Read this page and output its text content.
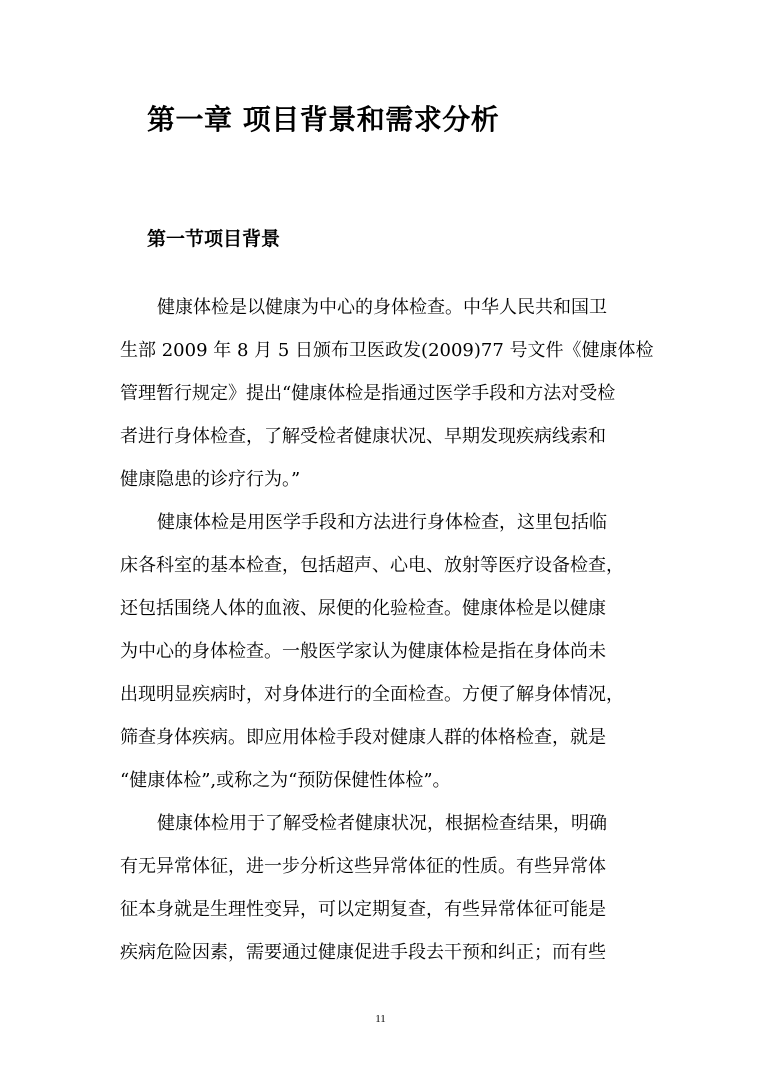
第一章 项目背景和需求分析
第一节项目背景
健康体检是以健康为中心的身体检查。中华人民共和国卫
生部 2009 年 8 月 5 日颁布卫医政发(2009)77 号文件《健康体检
管理暂行规定》提出“健康体检是指通过医学手段和方法对受检
者进行身体检查，了解受检者健康状况、早期发现疾病线索和
健康隐患的诊疗行为。”
健康体检是用医学手段和方法进行身体检查，这里包括临
床各科室的基本检查，包括超声、心电、放射等医疗设备检查，
还包括围绕人体的血液、尿便的化验检查。健康体检是以健康
为中心的身体检查。一般医学家认为健康体检是指在身体尚未
出现明显疾病时，对身体进行的全面检查。方便了解身体情况，
筛查身体疾病。即应用体检手段对健康人群的体格检查，就是
“健康体检”,或称之为“预防保健性体检”。
健康体检用于了解受检者健康状况，根据检查结果，明确
有无异常体征，进一步分析这些异常体征的性质。有些异常体
征本身就是生理性变异，可以定期复查，有些异常体征可能是
疾病危险因素，需要通过健康促进手段去干预和纠正；而有些
11
